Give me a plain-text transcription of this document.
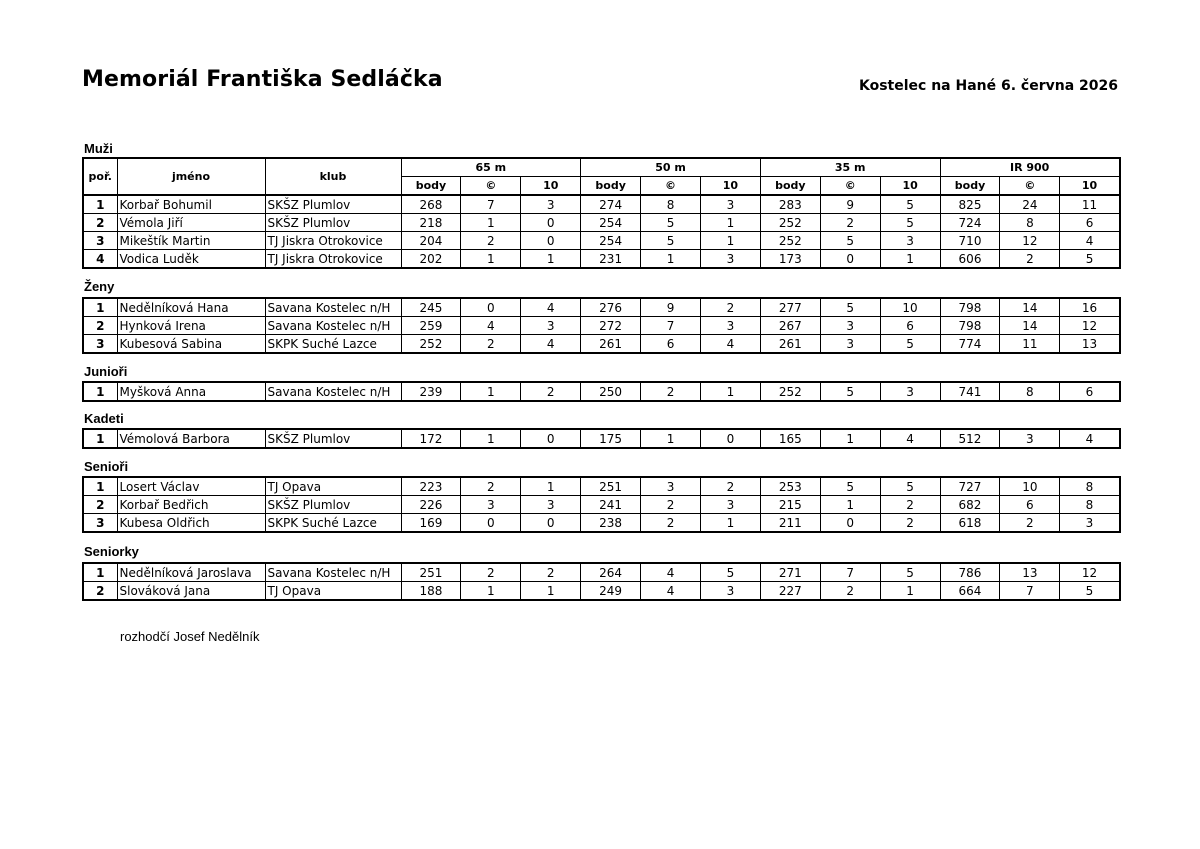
Memoriál Františka Sedláčka	Kostelec na Hané 6. června 2026
Muži
poř.	jméno	klub	65 m			50 m			35 m			IR 900		
			body	©	10	body	©	10	body	©	10	body	©	10
1	Korbař Bohumil	SKŠZ Plumlov	268	7	3	274	8	3	283	9	5	825	24	11
2	Vémola Jiří	SKŠZ Plumlov	218	1	0	254	5	1	252	2	5	724	8	6
3	Mikeštík Martin	TJ Jiskra Otrokovice	204	2	0	254	5	1	252	5	3	710	12	4
4	Vodica Luděk	TJ Jiskra Otrokovice	202	1	1	231	1	3	173	0	1	606	2	5
Ženy
1	Nedělníková Hana	Savana Kostelec n/H	245	0	4	276	9	2	277	5	10	798	14	16
2	Hynková Irena	Savana Kostelec n/H	259	4	3	272	7	3	267	3	6	798	14	12
3	Kubesová Sabina	SKPK Suché Lazce	252	2	4	261	6	4	261	3	5	774	11	13
Junioři
1	Myšková Anna	Savana Kostelec n/H	239	1	2	250	2	1	252	5	3	741	8	6
Kadeti
1	Vémolová Barbora	SKŠZ Plumlov	172	1	0	175	1	0	165	1	4	512	3	4
Senioři
1	Losert Václav	TJ Opava	223	2	1	251	3	2	253	5	5	727	10	8
2	Korbař Bedřich	SKŠZ Plumlov	226	3	3	241	2	3	215	1	2	682	6	8
3	Kubesa Oldřich	SKPK Suché Lazce	169	0	0	238	2	1	211	0	2	618	2	3
Seniorky
1	Nedělníková Jaroslava	Savana Kostelec n/H	251	2	2	264	4	5	271	7	5	786	13	12
2	Slováková Jana	TJ Opava	188	1	1	249	4	3	227	2	1	664	7	5
rozhodčí Josef Nedělník
